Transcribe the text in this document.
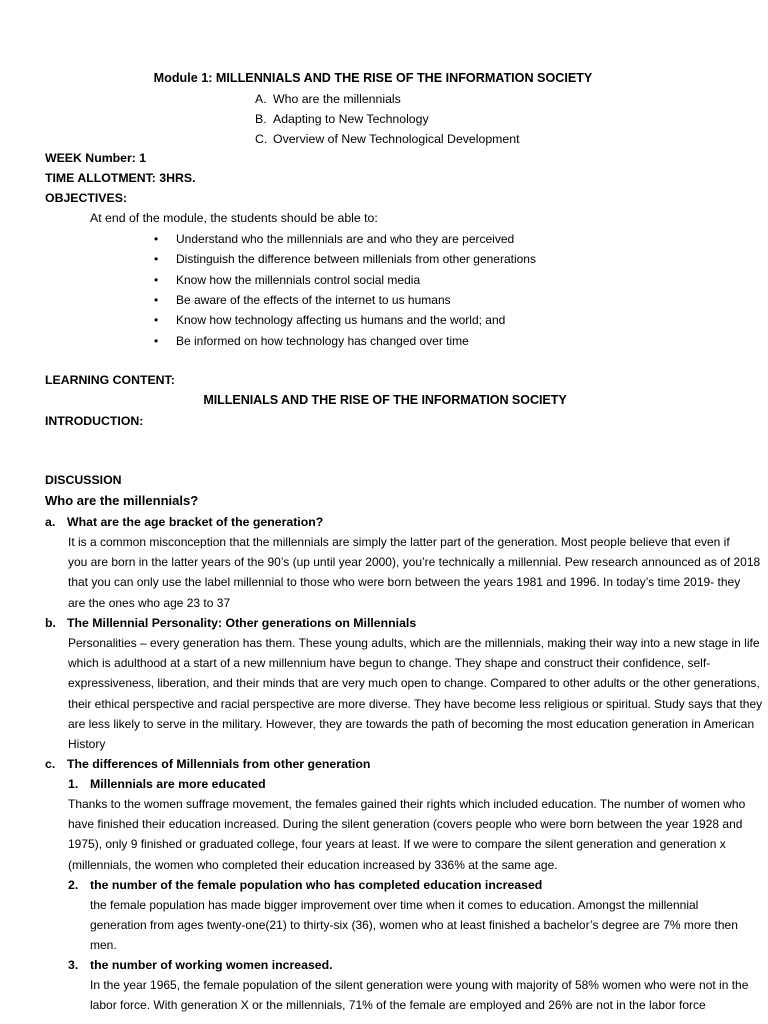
Module 1: MILLENNIALS AND THE RISE OF THE INFORMATION SOCIETY
A. Who are the millennials
B. Adapting to New Technology
C. Overview of New Technological Development
WEEK Number: 1
TIME ALLOTMENT: 3HRS.
OBJECTIVES:
At end of the module, the students should be able to:
• Understand who the millennials are and who they are perceived
• Distinguish the difference between millenials from other generations
• Know how the millennials control social media
• Be aware of the effects of the internet to us humans
• Know how technology affecting us humans and the world; and
• Be informed on how technology has changed over time
LEARNING CONTENT:
MILLENIALS AND THE RISE OF THE INFORMATION SOCIETY
INTRODUCTION:
DISCUSSION
Who are the millennials?
a. What are the age bracket of the generation?
It is a common misconception that the millennials are simply the latter part of the generation. Most people believe that even if
you are born in the latter years of the 90’s (up until year 2000), you’re technically a millennial. Pew research announced as of 2018
that you can only use the label millennial to those who were born between the years 1981 and 1996. In today’s time 2019- they
are the ones who age 23 to 37
b. The Millennial Personality: Other generations on Millennials
Personalities – every generation has them. These young adults, which are the millennials, making their way into a new stage in life
which is adulthood at a start of a new millennium have begun to change. They shape and construct their confidence, self-
expressiveness, liberation, and their minds that are very much open to change. Compared to other adults or the other generations,
their ethical perspective and racial perspective are more diverse. They have become less religious or spiritual. Study says that they
are less likely to serve in the military. However, they are towards the path of becoming the most education generation in American
History
c. The differences of Millennials from other generation
1. Millennials are more educated
Thanks to the women suffrage movement, the females gained their rights which included education. The number of women who
have finished their education increased. During the silent generation (covers people who were born between the year 1928 and
1975), only 9 finished or graduated college, four years at least. If we were to compare the silent generation and generation x
(millennials, the women who completed their education increased by 336% at the same age.
2. the number of the female population who has completed education increased
the female population has made bigger improvement over time when it comes to education. Amongst the millennial
generation from ages twenty-one(21) to thirty-six (36), women who at least finished a bachelor’s degree are 7% more then
men.
3. the number of working women increased.
In the year 1965, the female population of the silent generation were young with majority of 58% women who were not in the
labor force. With generation X or the millennials, 71% of the female are employed and 26% are not in the labor force
